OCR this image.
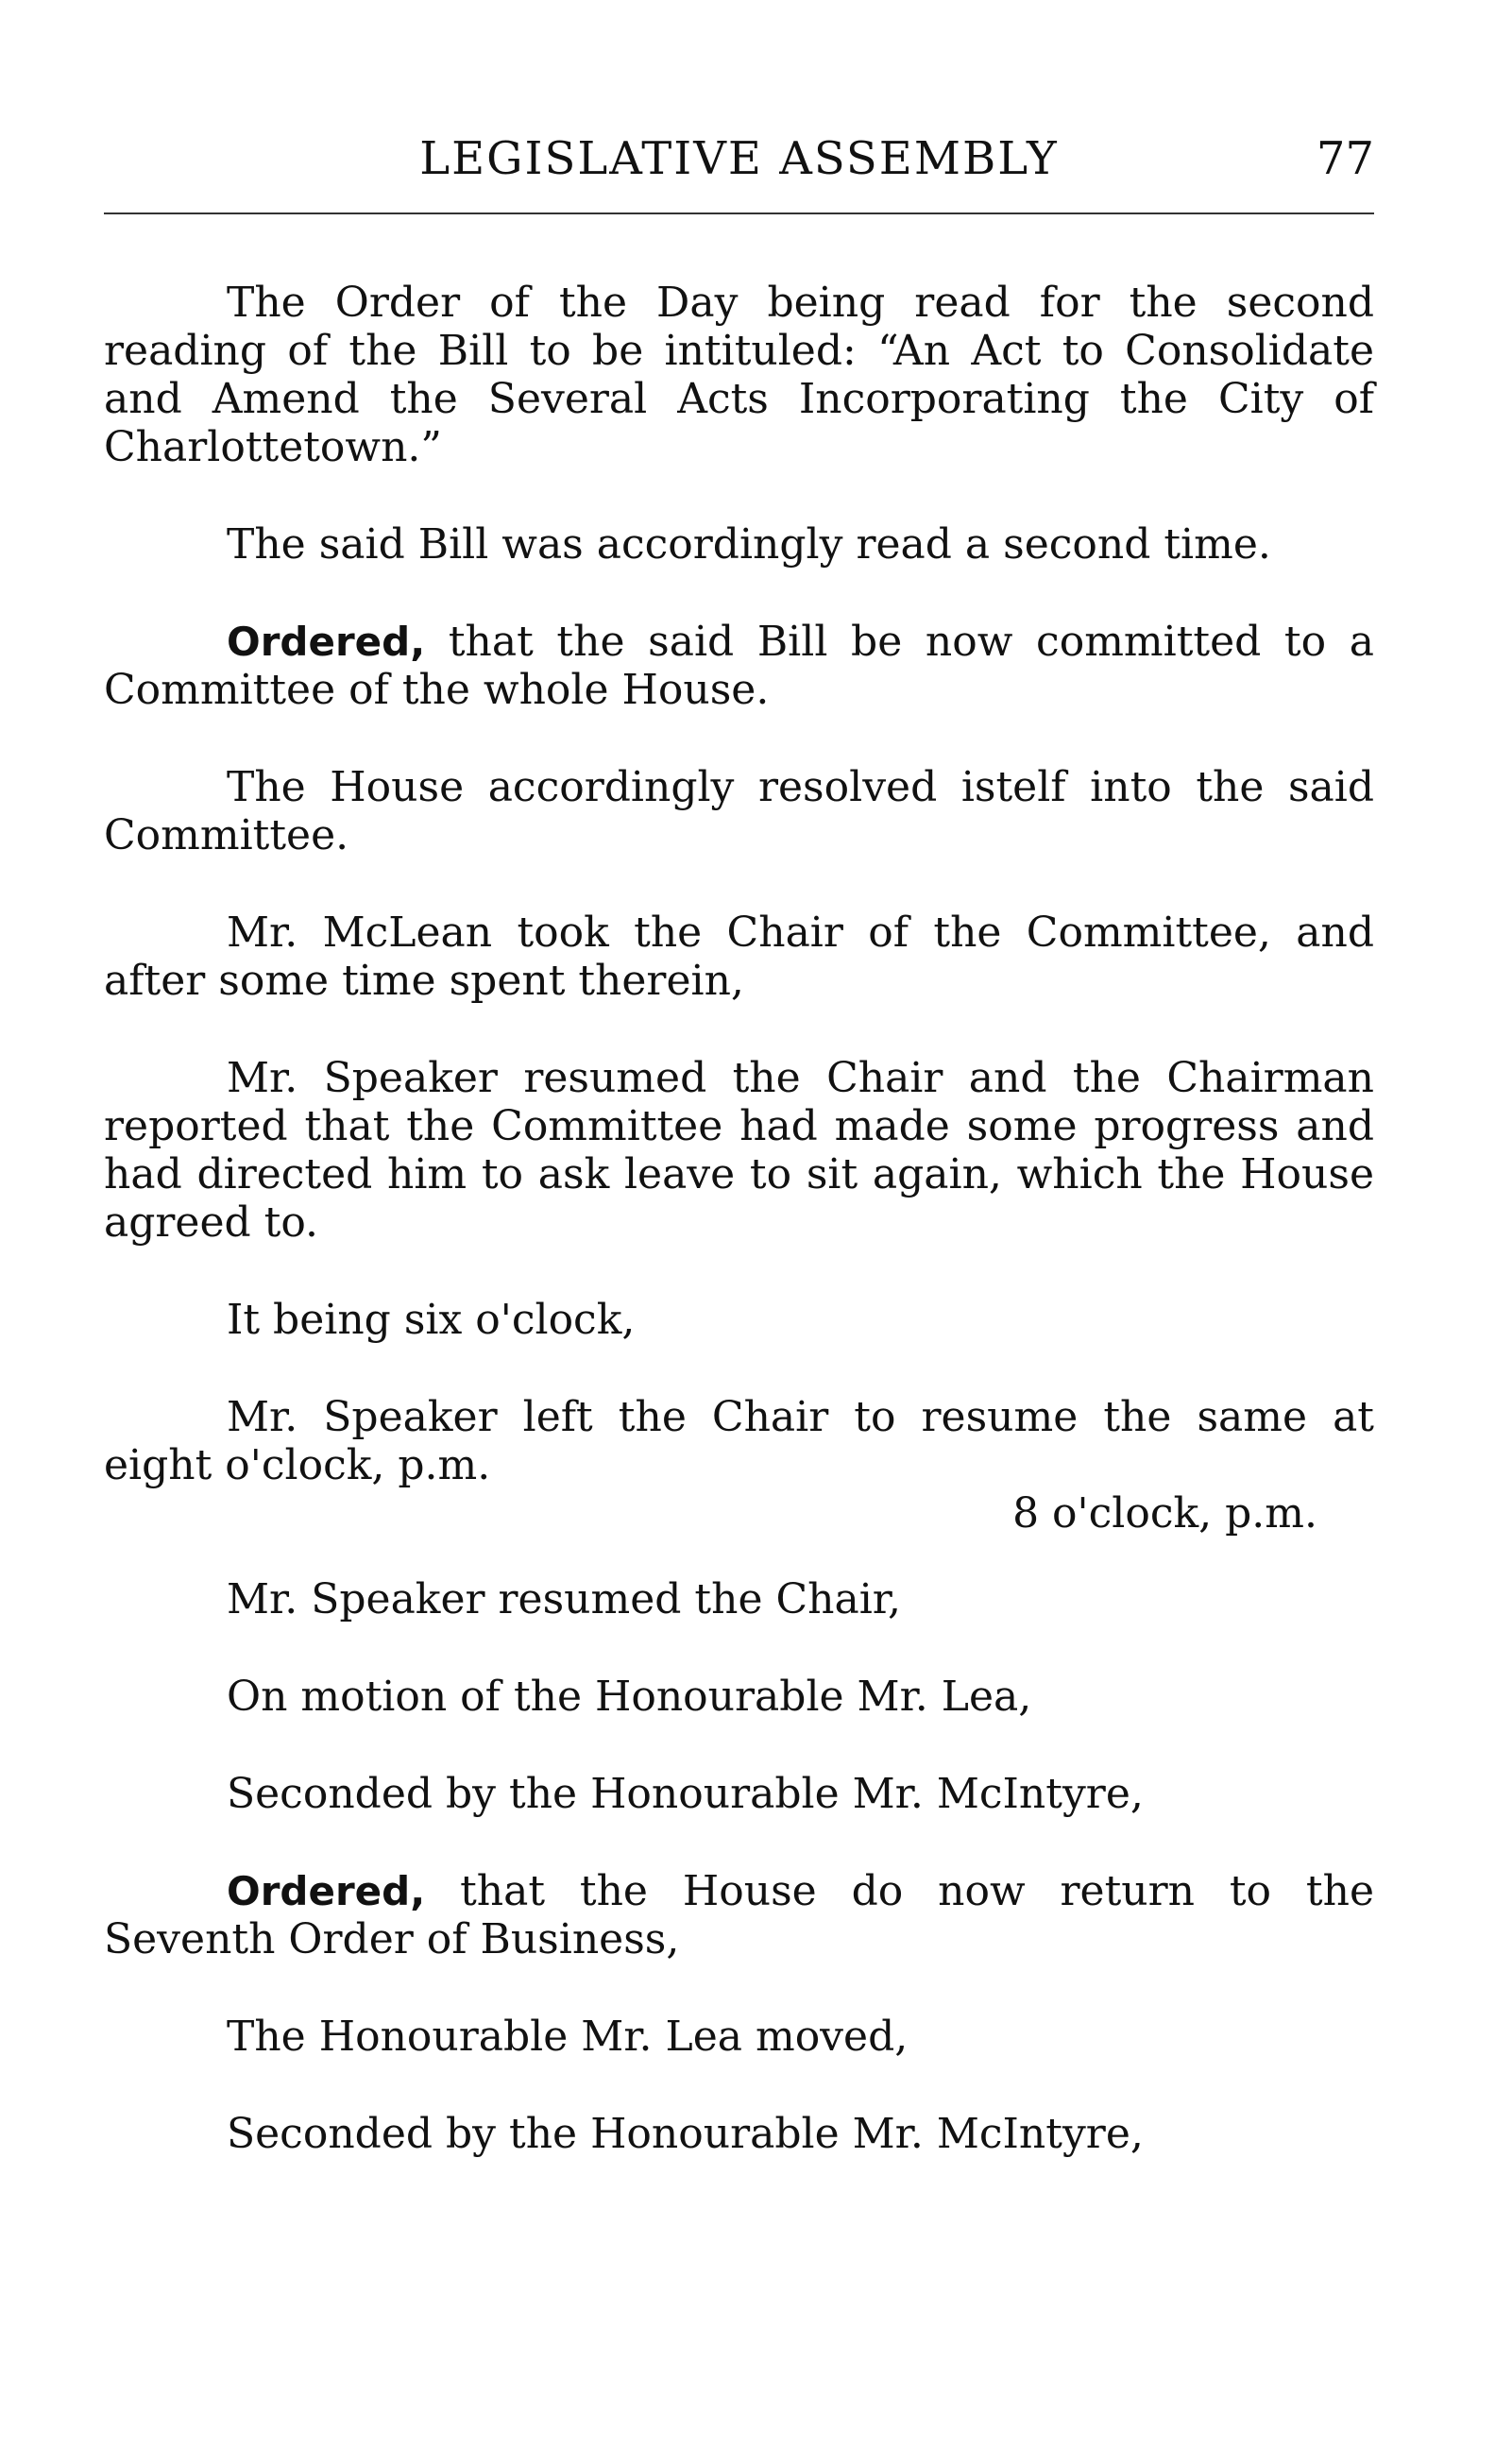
LEGISLATIVE ASSEMBLY	77

The Order of the Day being read for the second reading of the Bill to be intituled: “An Act to Consolidate and Amend the Several Acts Incorporating the City of Charlottetown.”

The said Bill was accordingly read a second time.

Ordered, that the said Bill be now committed to a Committee of the whole House.

The House accordingly resolved istelf into the said Committee.

Mr. McLean took the Chair of the Committee, and after some time spent therein,

Mr. Speaker resumed the Chair and the Chairman reported that the Committee had made some progress and had directed him to ask leave to sit again, which the House agreed to.

It being six o'clock,

Mr. Speaker left the Chair to resume the same at eight o'clock, p.m.

8 o'clock, p.m.

Mr. Speaker resumed the Chair,

On motion of the Honourable Mr. Lea,

Seconded by the Honourable Mr. McIntyre,

Ordered, that the House do now return to the Seventh Order of Business,

The Honourable Mr. Lea moved,

Seconded by the Honourable Mr. McIntyre,
